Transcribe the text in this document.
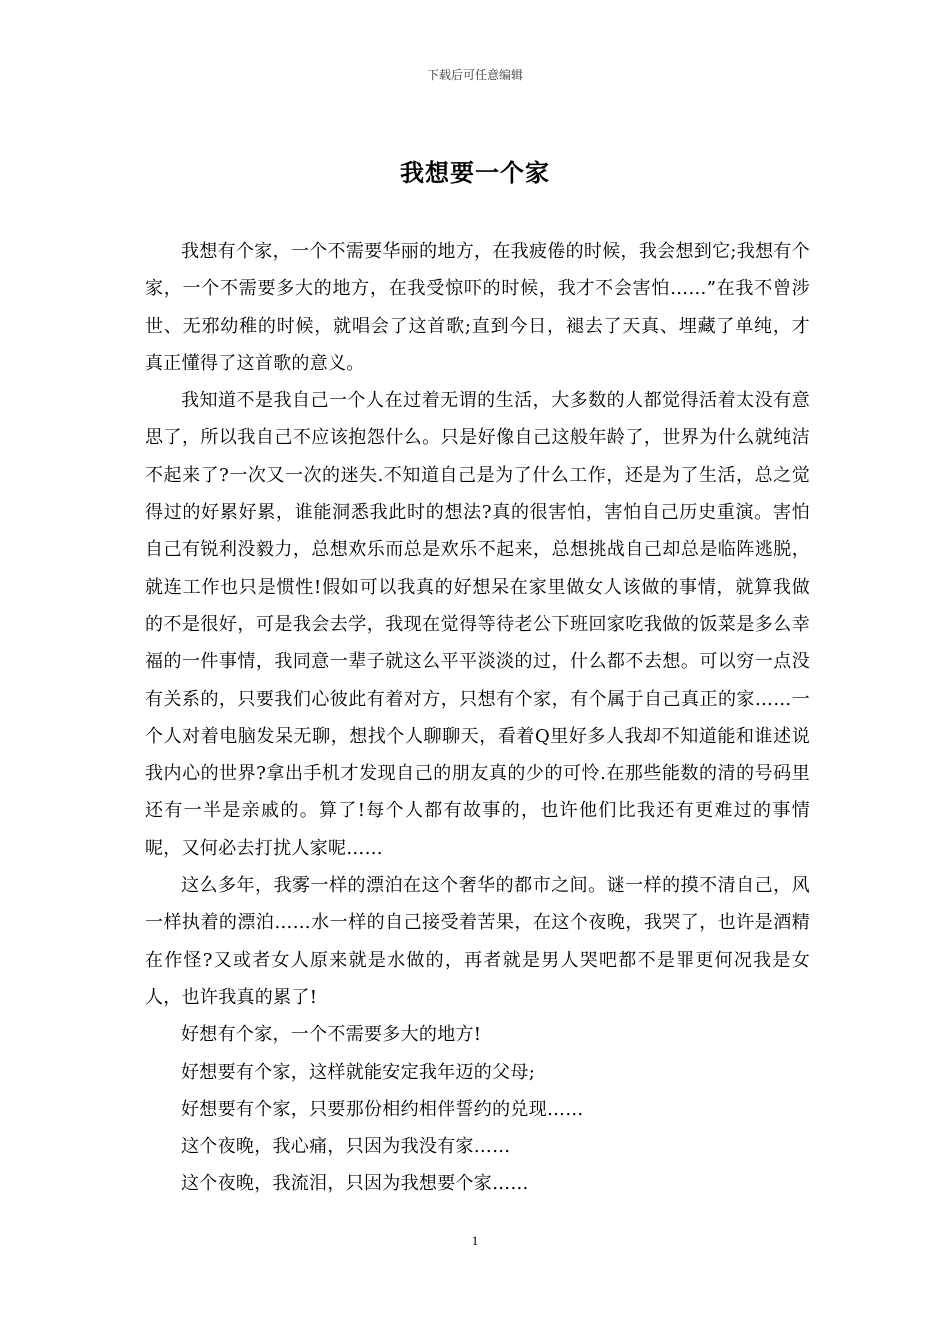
下载后可任意编辑
我想要一个家

我想有个家，一个不需要华丽的地方，在我疲倦的时候，我会想到它;我想有个家，一个不需要多大的地方，在我受惊吓的时候，我才不会害怕……”在我不曾涉世、无邪幼稚的时候，就唱会了这首歌;直到今日，褪去了天真、埋藏了单纯，才真正懂得了这首歌的意义。

我知道不是我自己一个人在过着无谓的生活，大多数的人都觉得活着太没有意思了，所以我自己不应该抱怨什么。只是好像自己这般年龄了，世界为什么就纯洁不起来了?一次又一次的迷失.不知道自己是为了什么工作，还是为了生活，总之觉得过的好累好累，谁能洞悉我此时的想法?真的很害怕，害怕自己历史重演。害怕自己有锐利没毅力，总想欢乐而总是欢乐不起来，总想挑战自己却总是临阵逃脱，就连工作也只是惯性!假如可以我真的好想呆在家里做女人该做的事情，就算我做的不是很好，可是我会去学，我现在觉得等待老公下班回家吃我做的饭菜是多么幸福的一件事情，我同意一辈子就这么平平淡淡的过，什么都不去想。可以穷一点没有关系的，只要我们心彼此有着对方，只想有个家，有个属于自己真正的家……一个人对着电脑发呆无聊，想找个人聊聊天，看着Q里好多人我却不知道能和谁述说我内心的世界?拿出手机才发现自己的朋友真的少的可怜.在那些能数的清的号码里还有一半是亲戚的。算了!每个人都有故事的，也许他们比我还有更难过的事情呢，又何必去打扰人家呢……

这么多年，我雾一样的漂泊在这个奢华的都市之间。谜一样的摸不清自己，风一样执着的漂泊……水一样的自己接受着苦果，在这个夜晚，我哭了，也许是酒精在作怪?又或者女人原来就是水做的，再者就是男人哭吧都不是罪更何况我是女人，也许我真的累了!

好想有个家，一个不需要多大的地方!

好想要有个家，这样就能安定我年迈的父母;

好想要有个家，只要那份相约相伴誓约的兑现……

这个夜晚，我心痛，只因为我没有家……

这个夜晚，我流泪，只因为我想要个家……

1
